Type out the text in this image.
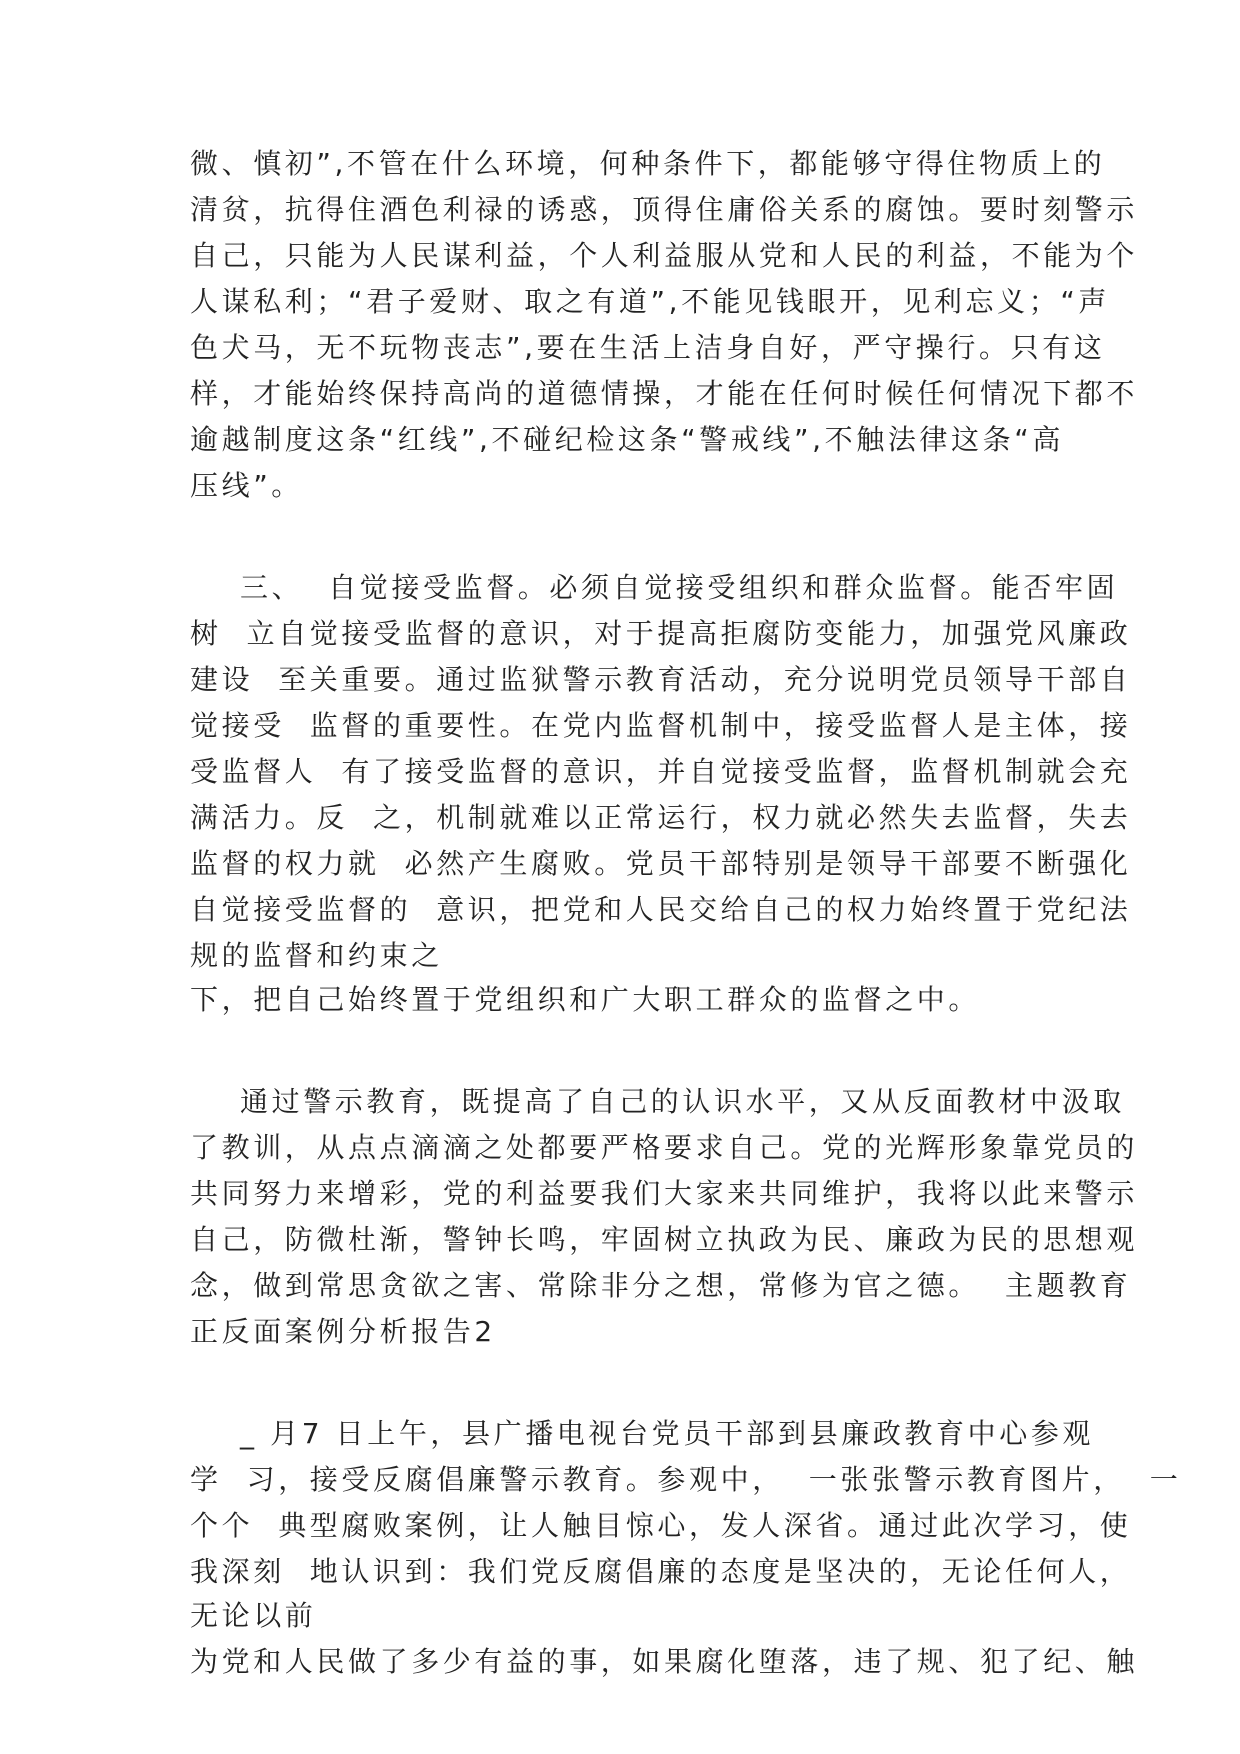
微、慎初”,不管在什么环境，何种条件下，都能够守得住物质上的
清贫，抗得住酒色利禄的诱惑，顶得住庸俗关系的腐蚀。要时刻警示
自己，只能为人民谋利益，个人利益服从党和人民的利益，不能为个
人谋私利；“君子爱财、取之有道”,不能见钱眼开，见利忘义；“声
色犬马，无不玩物丧志”,要在生活上洁身自好，严守操行。只有这
样，才能始终保持高尚的道德情操，才能在任何时候任何情况下都不
逾越制度这条“红线”,不碰纪检这条“警戒线”,不触法律这条“高
压线”。
三、  自觉接受监督。必须自觉接受组织和群众监督。能否牢固
树  立自觉接受监督的意识，对于提高拒腐防变能力，加强党风廉政
建设  至关重要。通过监狱警示教育活动，充分说明党员领导干部自
觉接受  监督的重要性。在党内监督机制中，接受监督人是主体，接
受监督人  有了接受监督的意识，并自觉接受监督，监督机制就会充
满活力。反  之，机制就难以正常运行，权力就必然失去监督，失去
监督的权力就  必然产生腐败。党员干部特别是领导干部要不断强化
自觉接受监督的  意识，把党和人民交给自己的权力始终置于党纪法
规的监督和约束之
下，把自己始终置于党组织和广大职工群众的监督之中。
通过警示教育，既提高了自己的认识水平，又从反面教材中汲取
了教训，从点点滴滴之处都要严格要求自己。党的光辉形象靠党员的
共同努力来增彩，党的利益要我们大家来共同维护，我将以此来警示
自己，防微杜渐，警钟长鸣，牢固树立执政为民、廉政为民的思想观
念，做到常思贪欲之害、常除非分之想，常修为官之德。  主题教育
正反面案例分析报告2
_ 月7 日上午，县广播电视台党员干部到县廉政教育中心参观
学  习，接受反腐倡廉警示教育。参观中，  一张张警示教育图片，  一
个个  典型腐败案例，让人触目惊心，发人深省。通过此次学习，使
我深刻  地认识到：我们党反腐倡廉的态度是坚决的，无论任何人，
无论以前
为党和人民做了多少有益的事，如果腐化堕落，违了规、犯了纪、触
